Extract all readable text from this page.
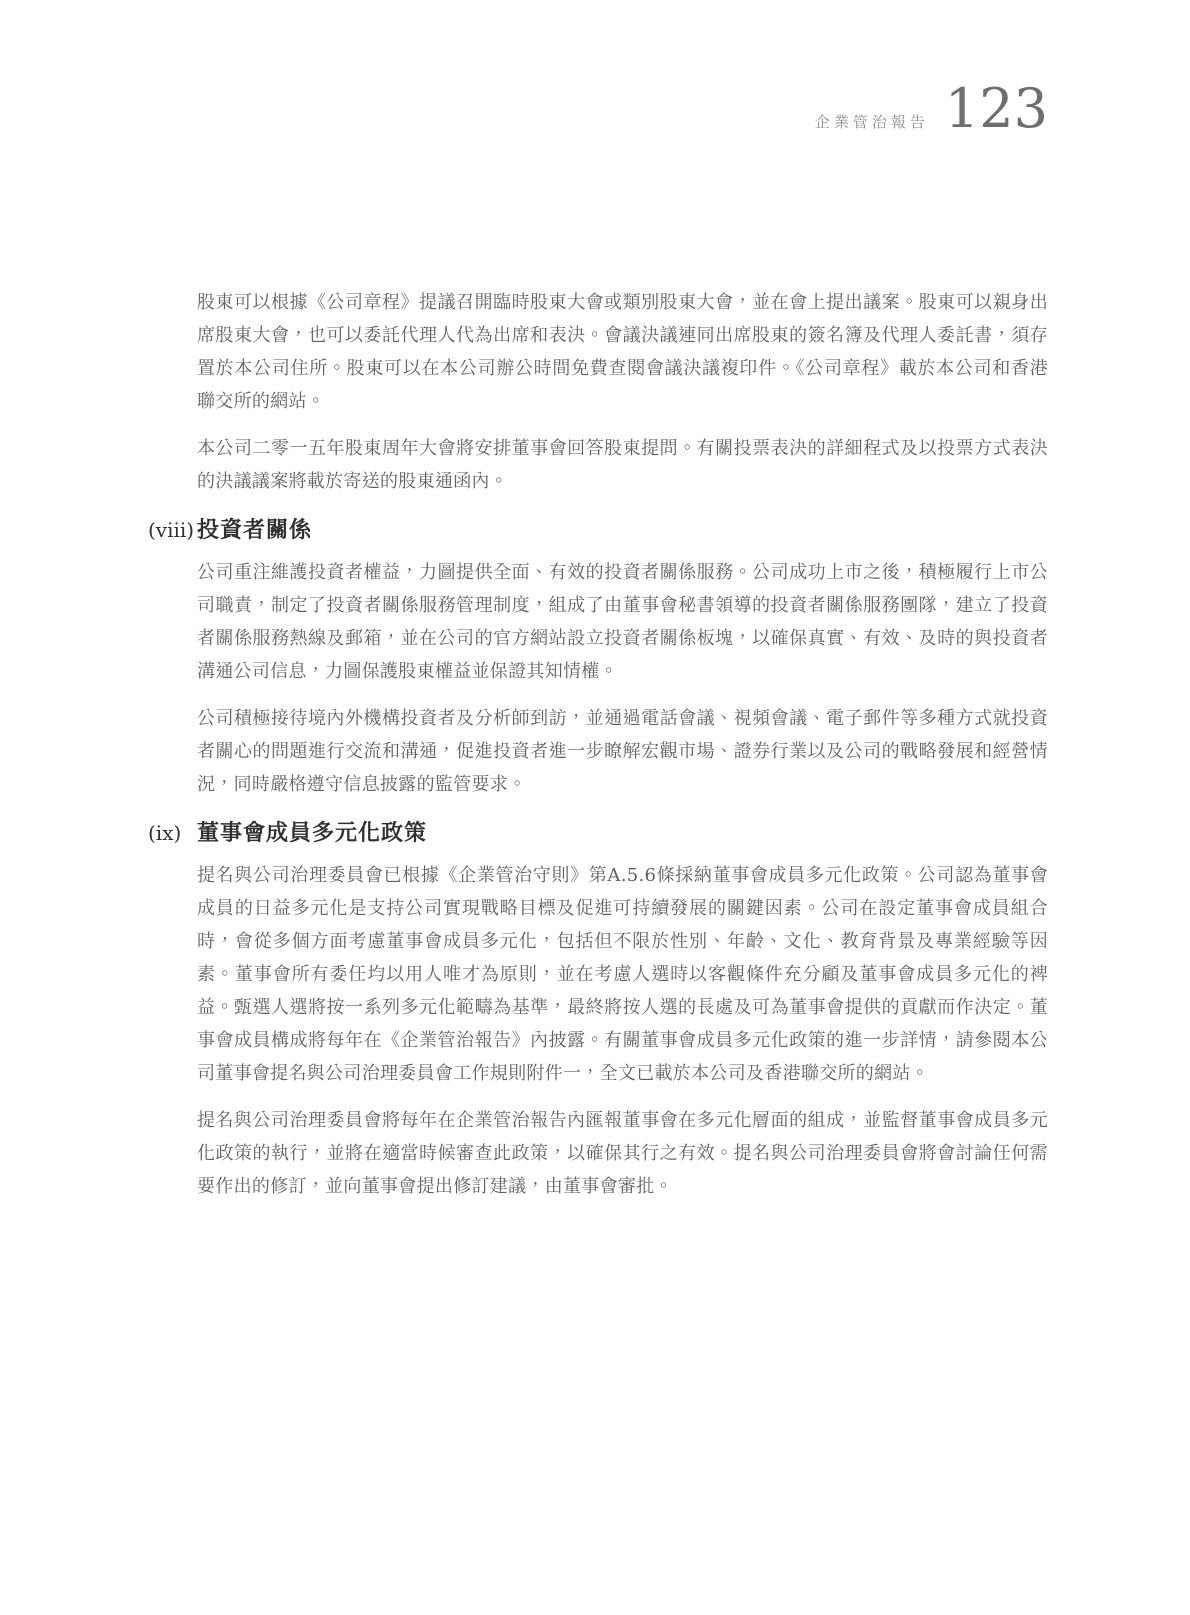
企業管治報告 123

股東可以根據《公司章程》提議召開臨時股東大會或類別股東大會，並在會上提出議案。股東可以親身出席股東大會，也可以委託代理人代為出席和表決。會議決議連同出席股東的簽名簿及代理人委託書，須存置於本公司住所。股東可以在本公司辦公時間免費查閱會議決議複印件。《公司章程》載於本公司和香港聯交所的網站。

本公司二零一五年股東周年大會將安排董事會回答股東提問。有關投票表決的詳細程式及以投票方式表決的決議議案將載於寄送的股東通函內。

(viii) 投資者關係

公司重注維護投資者權益，力圖提供全面、有效的投資者關係服務。公司成功上市之後，積極履行上市公司職責，制定了投資者關係服務管理制度，組成了由董事會秘書領導的投資者關係服務團隊，建立了投資者關係服務熱線及郵箱，並在公司的官方網站設立投資者關係板塊，以確保真實、有效、及時的與投資者溝通公司信息，力圖保護股東權益並保證其知情權。

公司積極接待境內外機構投資者及分析師到訪，並通過電話會議、視頻會議、電子郵件等多種方式就投資者關心的問題進行交流和溝通，促進投資者進一步瞭解宏觀市場、證券行業以及公司的戰略發展和經營情況，同時嚴格遵守信息披露的監管要求。

(ix) 董事會成員多元化政策

提名與公司治理委員會已根據《企業管治守則》第A.5.6條採納董事會成員多元化政策。公司認為董事會成員的日益多元化是支持公司實現戰略目標及促進可持續發展的關鍵因素。公司在設定董事會成員組合時，會從多個方面考慮董事會成員多元化，包括但不限於性別、年齡、文化、教育背景及專業經驗等因素。董事會所有委任均以用人唯才為原則，並在考慮人選時以客觀條件充分顧及董事會成員多元化的裨益。甄選人選將按一系列多元化範疇為基準，最終將按人選的長處及可為董事會提供的貢獻而作決定。董事會成員構成將每年在《企業管治報告》內披露。有關董事會成員多元化政策的進一步詳情，請參閱本公司董事會提名與公司治理委員會工作規則附件一，全文已載於本公司及香港聯交所的網站。

提名與公司治理委員會將每年在企業管治報告內匯報董事會在多元化層面的組成，並監督董事會成員多元化政策的執行，並將在適當時候審查此政策，以確保其行之有效。提名與公司治理委員會將會討論任何需要作出的修訂，並向董事會提出修訂建議，由董事會審批。
